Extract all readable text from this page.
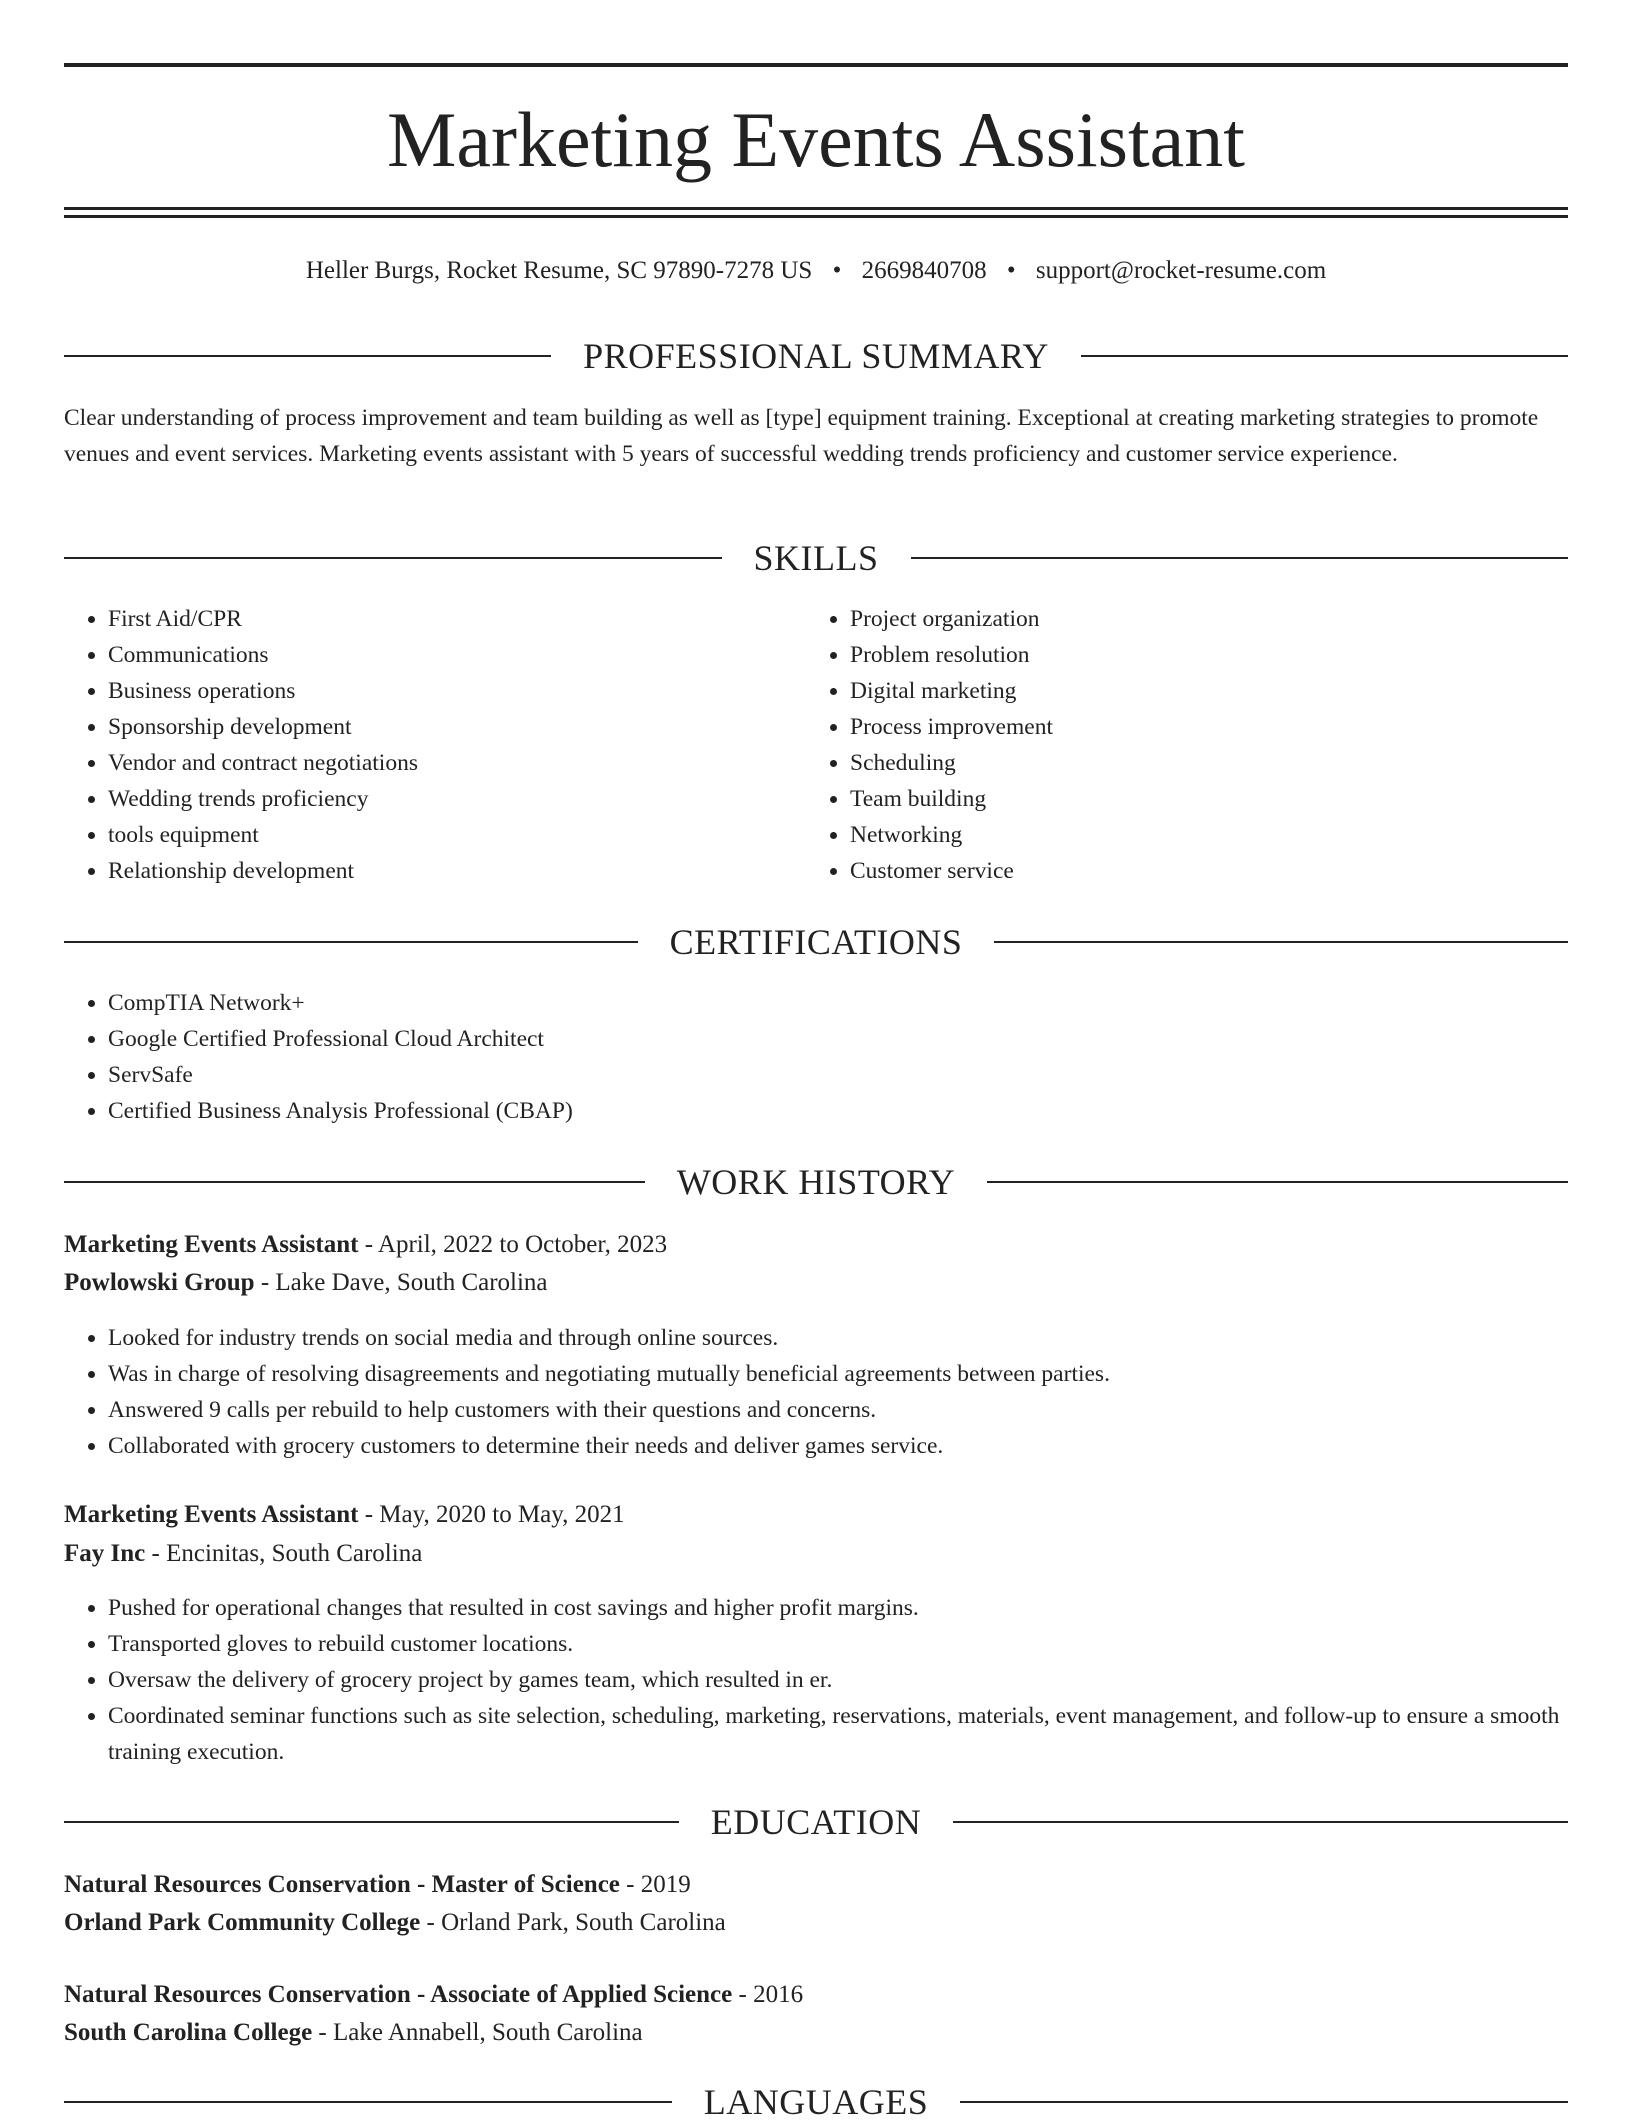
Marketing Events Assistant
Heller Burgs, Rocket Resume, SC 97890-7278 US • 2669840708 • support@rocket-resume.com
PROFESSIONAL SUMMARY

Clear understanding of process improvement and team building as well as [type] equipment training. Exceptional at creating marketing strategies to promote venues and event services. Marketing events assistant with 5 years of successful wedding trends proficiency and customer service experience.

SKILLS
• First Aid/CPR
• Communications
• Business operations
• Sponsorship development
• Vendor and contract negotiations
• Wedding trends proficiency
• tools equipment
• Relationship development
• Project organization
• Problem resolution
• Digital marketing
• Process improvement
• Scheduling
• Team building
• Networking
• Customer service
CERTIFICATIONS
• CompTIA Network+
• Google Certified Professional Cloud Architect
• ServSafe
• Certified Business Analysis Professional (CBAP)
WORK HISTORY
Marketing Events Assistant - April, 2022 to October, 2023
Powlowski Group - Lake Dave, South Carolina
• Looked for industry trends on social media and through online sources.
• Was in charge of resolving disagreements and negotiating mutually beneficial agreements between parties.
• Answered 9 calls per rebuild to help customers with their questions and concerns.
• Collaborated with grocery customers to determine their needs and deliver games service.
Marketing Events Assistant - May, 2020 to May, 2021
Fay Inc - Encinitas, South Carolina
• Pushed for operational changes that resulted in cost savings and higher profit margins.
• Transported gloves to rebuild customer locations.
• Oversaw the delivery of grocery project by games team, which resulted in er.
• Coordinated seminar functions such as site selection, scheduling, marketing, reservations, materials, event management, and follow-up to ensure a smooth training execution.
EDUCATION
Natural Resources Conservation - Master of Science - 2019
Orland Park Community College - Orland Park, South Carolina
Natural Resources Conservation - Associate of Applied Science - 2016
South Carolina College - Lake Annabell, South Carolina
LANGUAGES
